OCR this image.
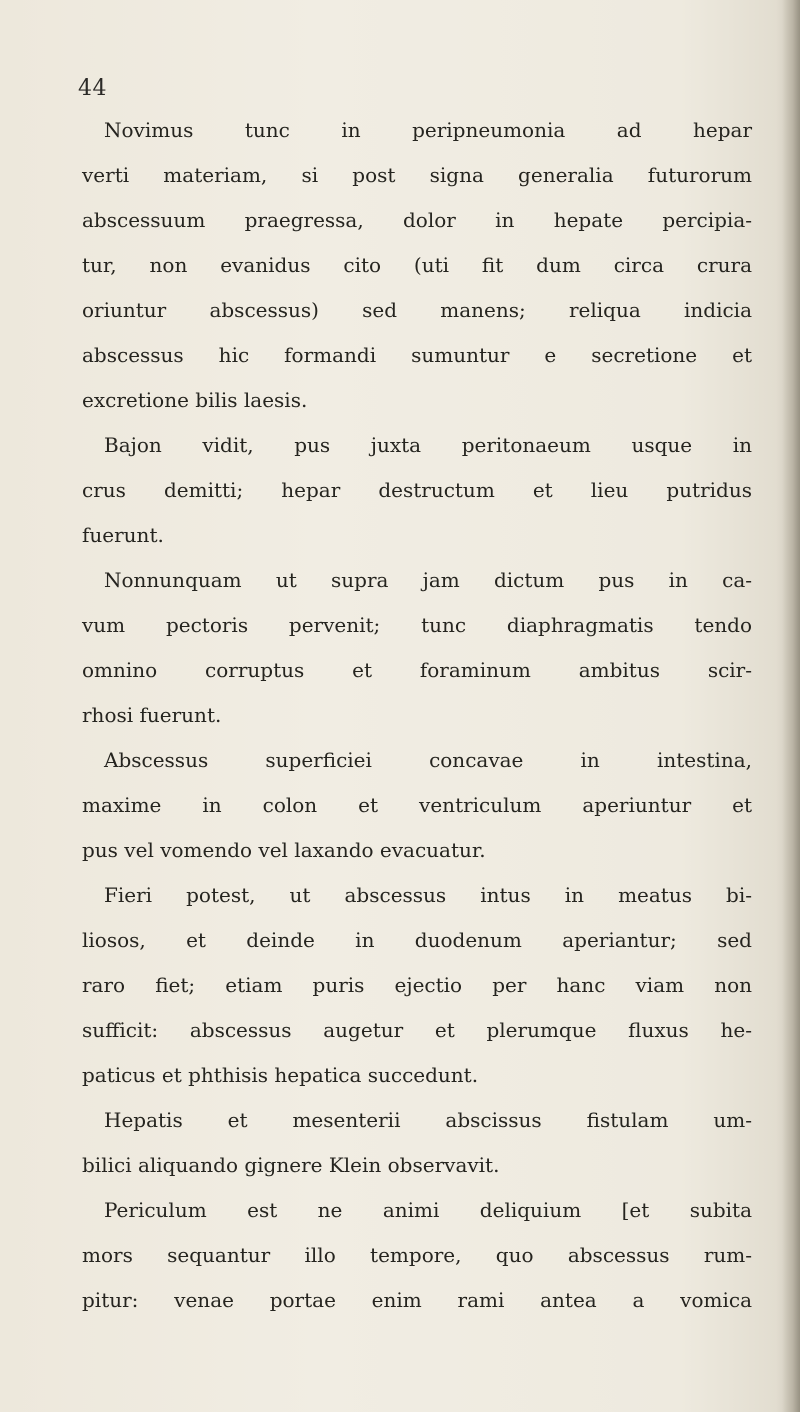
44
Novimus tunc in peripneumonia ad hepar
verti materiam, si post signa generalia futurorum
abscessuum praegressa, dolor in hepate percipia-
tur, non evanidus cito (uti fit dum circa crura
oriuntur abscessus) sed manens; reliqua indicia
abscessus hic formandi sumuntur e secretione et
excretione bilis laesis.
Bajon vidit, pus juxta peritonaeum usque in
crus demitti; hepar destructum et lieu putridus
fuerunt.
Nonnunquam ut supra jam dictum pus in ca-
vum pectoris pervenit; tunc diaphragmatis tendo
omnino corruptus et foraminum ambitus scir-
rhosi fuerunt.
Abscessus superficiei concavae in intestina,
maxime in colon et ventriculum aperiuntur et
pus vel vomendo vel laxando evacuatur.
Fieri potest, ut abscessus intus in meatus bi-
liosos, et deinde in duodenum aperiantur; sed
raro fiet; etiam puris ejectio per hanc viam non
sufficit: abscessus augetur et plerumque fluxus he-
paticus et phthisis hepatica succedunt.
Hepatis et mesenterii abscissus fistulam um-
bilici aliquando gignere Klein observavit.
Periculum est ne animi deliquium [et subita
mors sequantur illo tempore, quo abscessus rum-
pitur: venae portae enim rami antea a vomica
